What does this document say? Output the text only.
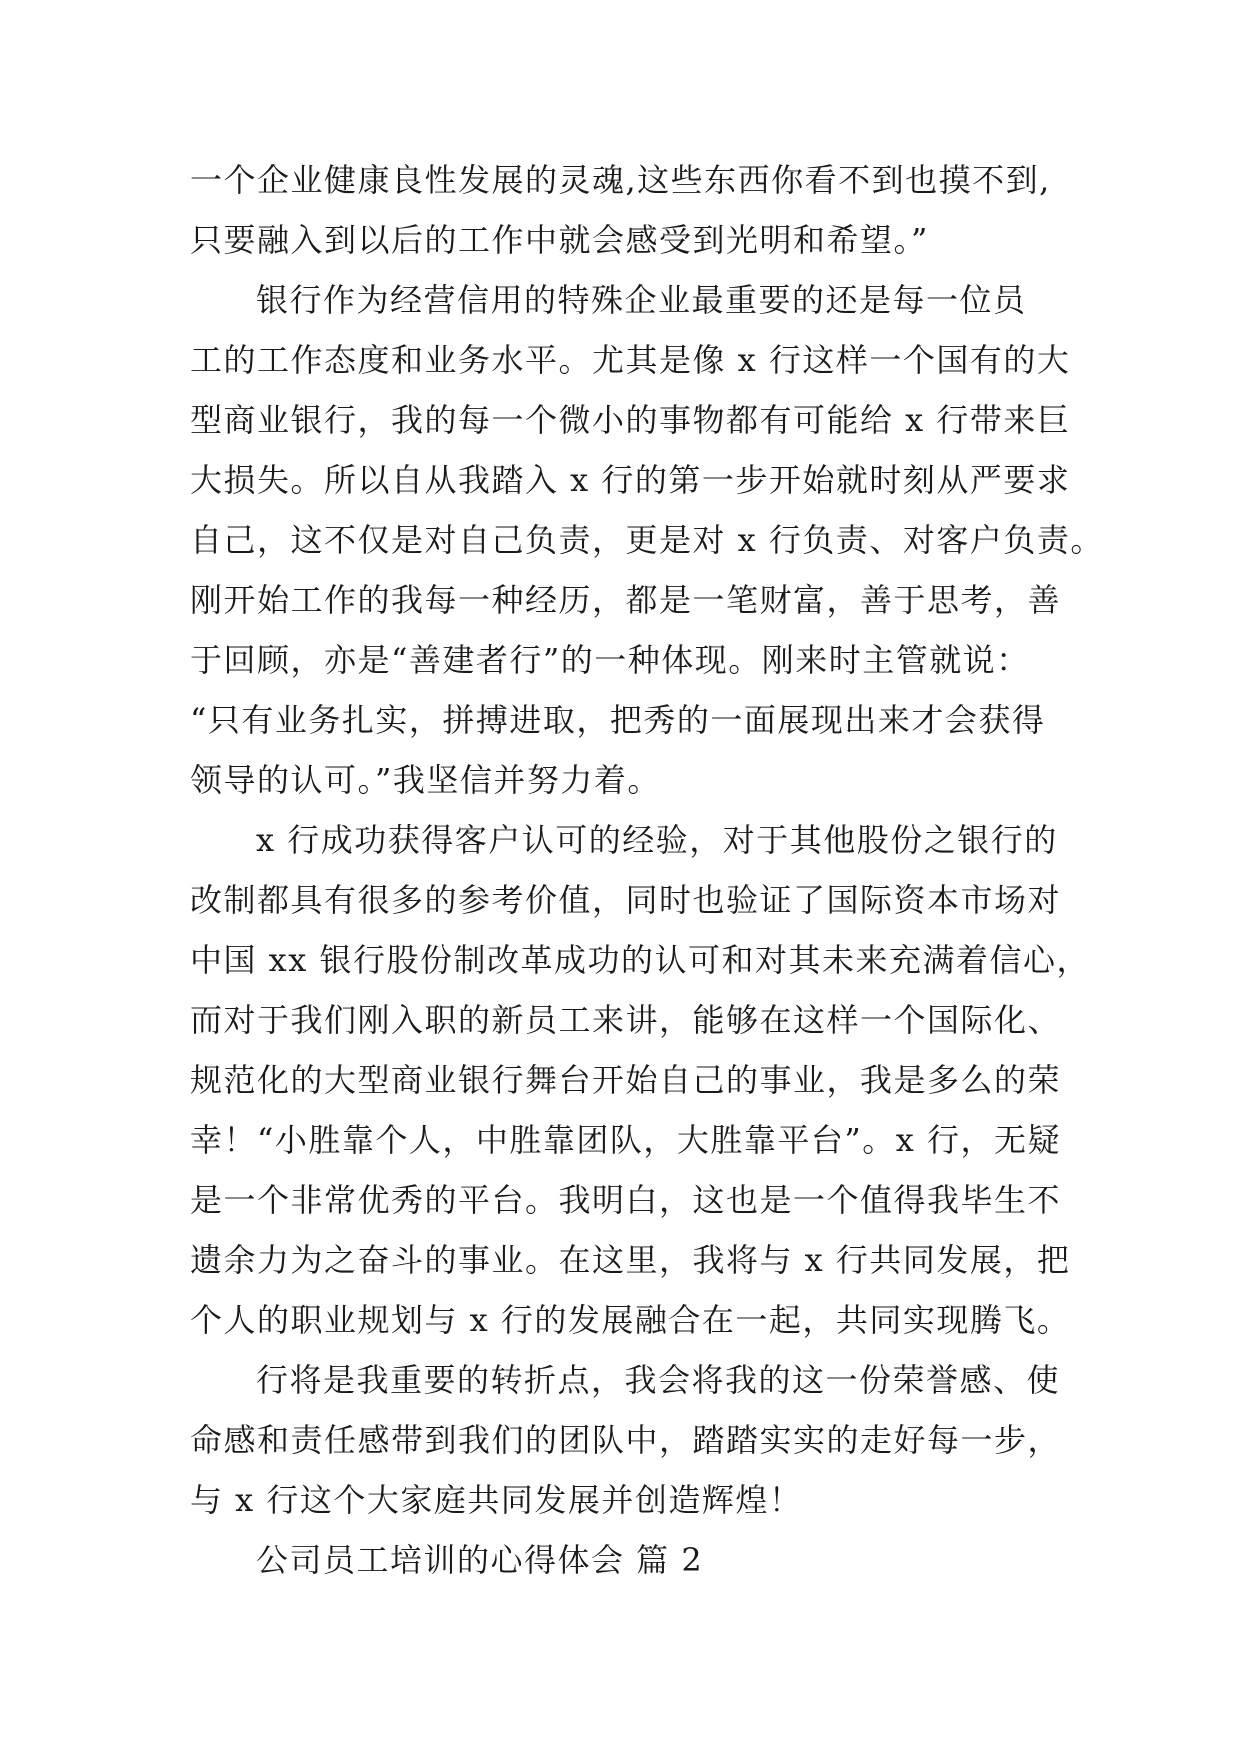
一个企业健康良性发展的灵魂,这些东西你看不到也摸不到,
只要融入到以后的工作中就会感受到光明和希望。”
银行作为经营信用的特殊企业最重要的还是每一位员
工的工作态度和业务水平。尤其是像 x 行这样一个国有的大
型商业银行，我的每一个微小的事物都有可能给 x 行带来巨
大损失。所以自从我踏入 x 行的第一步开始就时刻从严要求
自己，这不仅是对自己负责，更是对 x 行负责、对客户负责。
刚开始工作的我每一种经历，都是一笔财富，善于思考，善
于回顾，亦是“善建者行”的一种体现。刚来时主管就说：
“只有业务扎实，拼搏进取，把秀的一面展现出来才会获得
领导的认可。”我坚信并努力着。
x 行成功获得客户认可的经验，对于其他股份之银行的
改制都具有很多的参考价值，同时也验证了国际资本市场对
中国 xx 银行股份制改革成功的认可和对其未来充满着信心，
而对于我们刚入职的新员工来讲，能够在这样一个国际化、
规范化的大型商业银行舞台开始自己的事业，我是多么的荣
幸！“小胜靠个人，中胜靠团队，大胜靠平台”。x 行，无疑
是一个非常优秀的平台。我明白，这也是一个值得我毕生不
遗余力为之奋斗的事业。在这里，我将与 x 行共同发展，把
个人的职业规划与 x 行的发展融合在一起，共同实现腾飞。
行将是我重要的转折点，我会将我的这一份荣誉感、使
命感和责任感带到我们的团队中，踏踏实实的走好每一步，
与 x 行这个大家庭共同发展并创造辉煌！
公司员工培训的心得体会 篇 2
